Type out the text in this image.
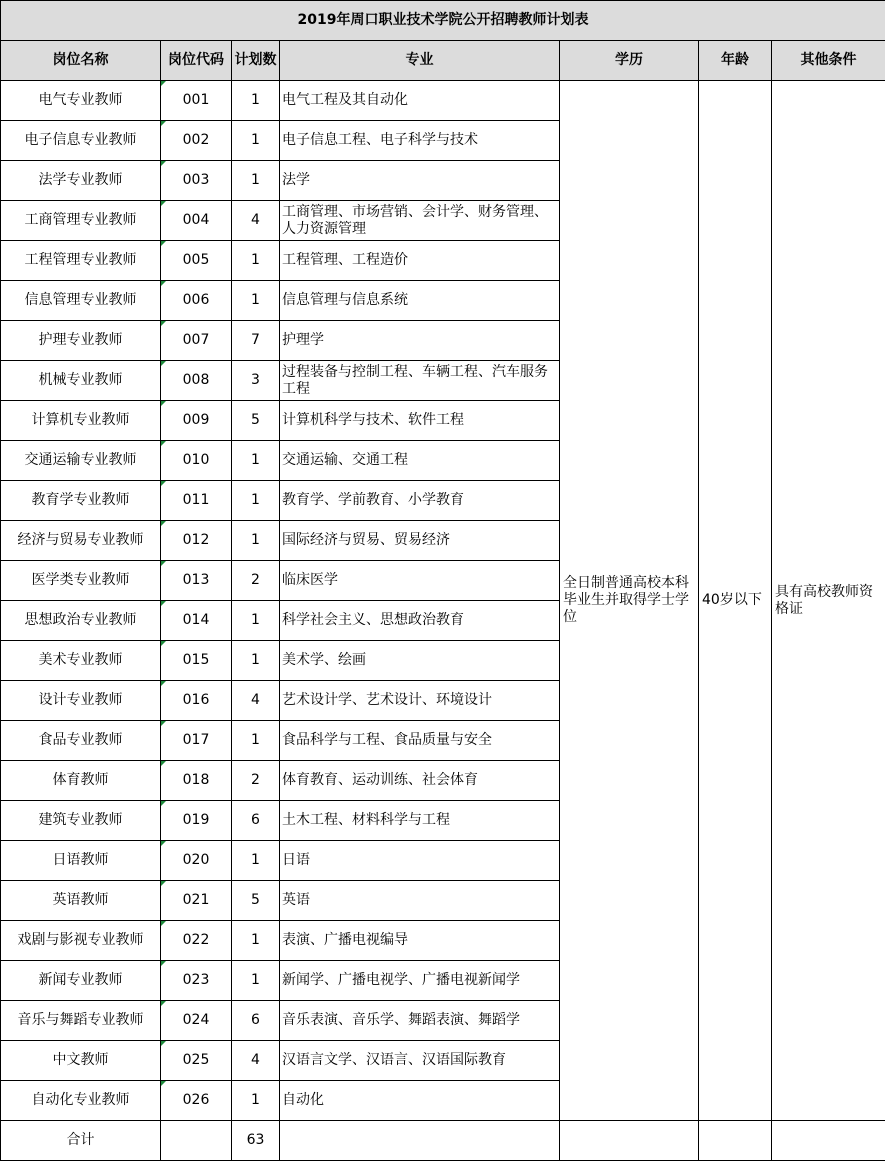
2019年周口职业技术学院公开招聘教师计划表						
岗位名称	岗位代码	计划数	专业	学历	年龄	其他条件
电气专业教师	001	1	电气工程及其自动化	全日制普通高校本科毕业生并取得学士学位	40岁以下	具有高校教师资格证
电子信息专业教师	002	1	电子信息工程、电子科学与技术			
法学专业教师	003	1	法学			
工商管理专业教师	004	4	工商管理、市场营销、会计学、财务管理、人力资源管理			
工程管理专业教师	005	1	工程管理、工程造价			
信息管理专业教师	006	1	信息管理与信息系统			
护理专业教师	007	7	护理学			
机械专业教师	008	3	过程装备与控制工程、车辆工程、汽车服务工程			
计算机专业教师	009	5	计算机科学与技术、软件工程			
交通运输专业教师	010	1	交通运输、交通工程			
教育学专业教师	011	1	教育学、学前教育、小学教育			
经济与贸易专业教师	012	1	国际经济与贸易、贸易经济			
医学类专业教师	013	2	临床医学			
思想政治专业教师	014	1	科学社会主义、思想政治教育			
美术专业教师	015	1	美术学、绘画			
设计专业教师	016	4	艺术设计学、艺术设计、环境设计			
食品专业教师	017	1	食品科学与工程、食品质量与安全			
体育教师	018	2	体育教育、运动训练、社会体育			
建筑专业教师	019	6	土木工程、材料科学与工程			
日语教师	020	1	日语			
英语教师	021	5	英语			
戏剧与影视专业教师	022	1	表演、广播电视编导			
新闻专业教师	023	1	新闻学、广播电视学、广播电视新闻学			
音乐与舞蹈专业教师	024	6	音乐表演、音乐学、舞蹈表演、舞蹈学			
中文教师	025	4	汉语言文学、汉语言、汉语国际教育			
自动化专业教师	026	1	自动化			
合计		63				
